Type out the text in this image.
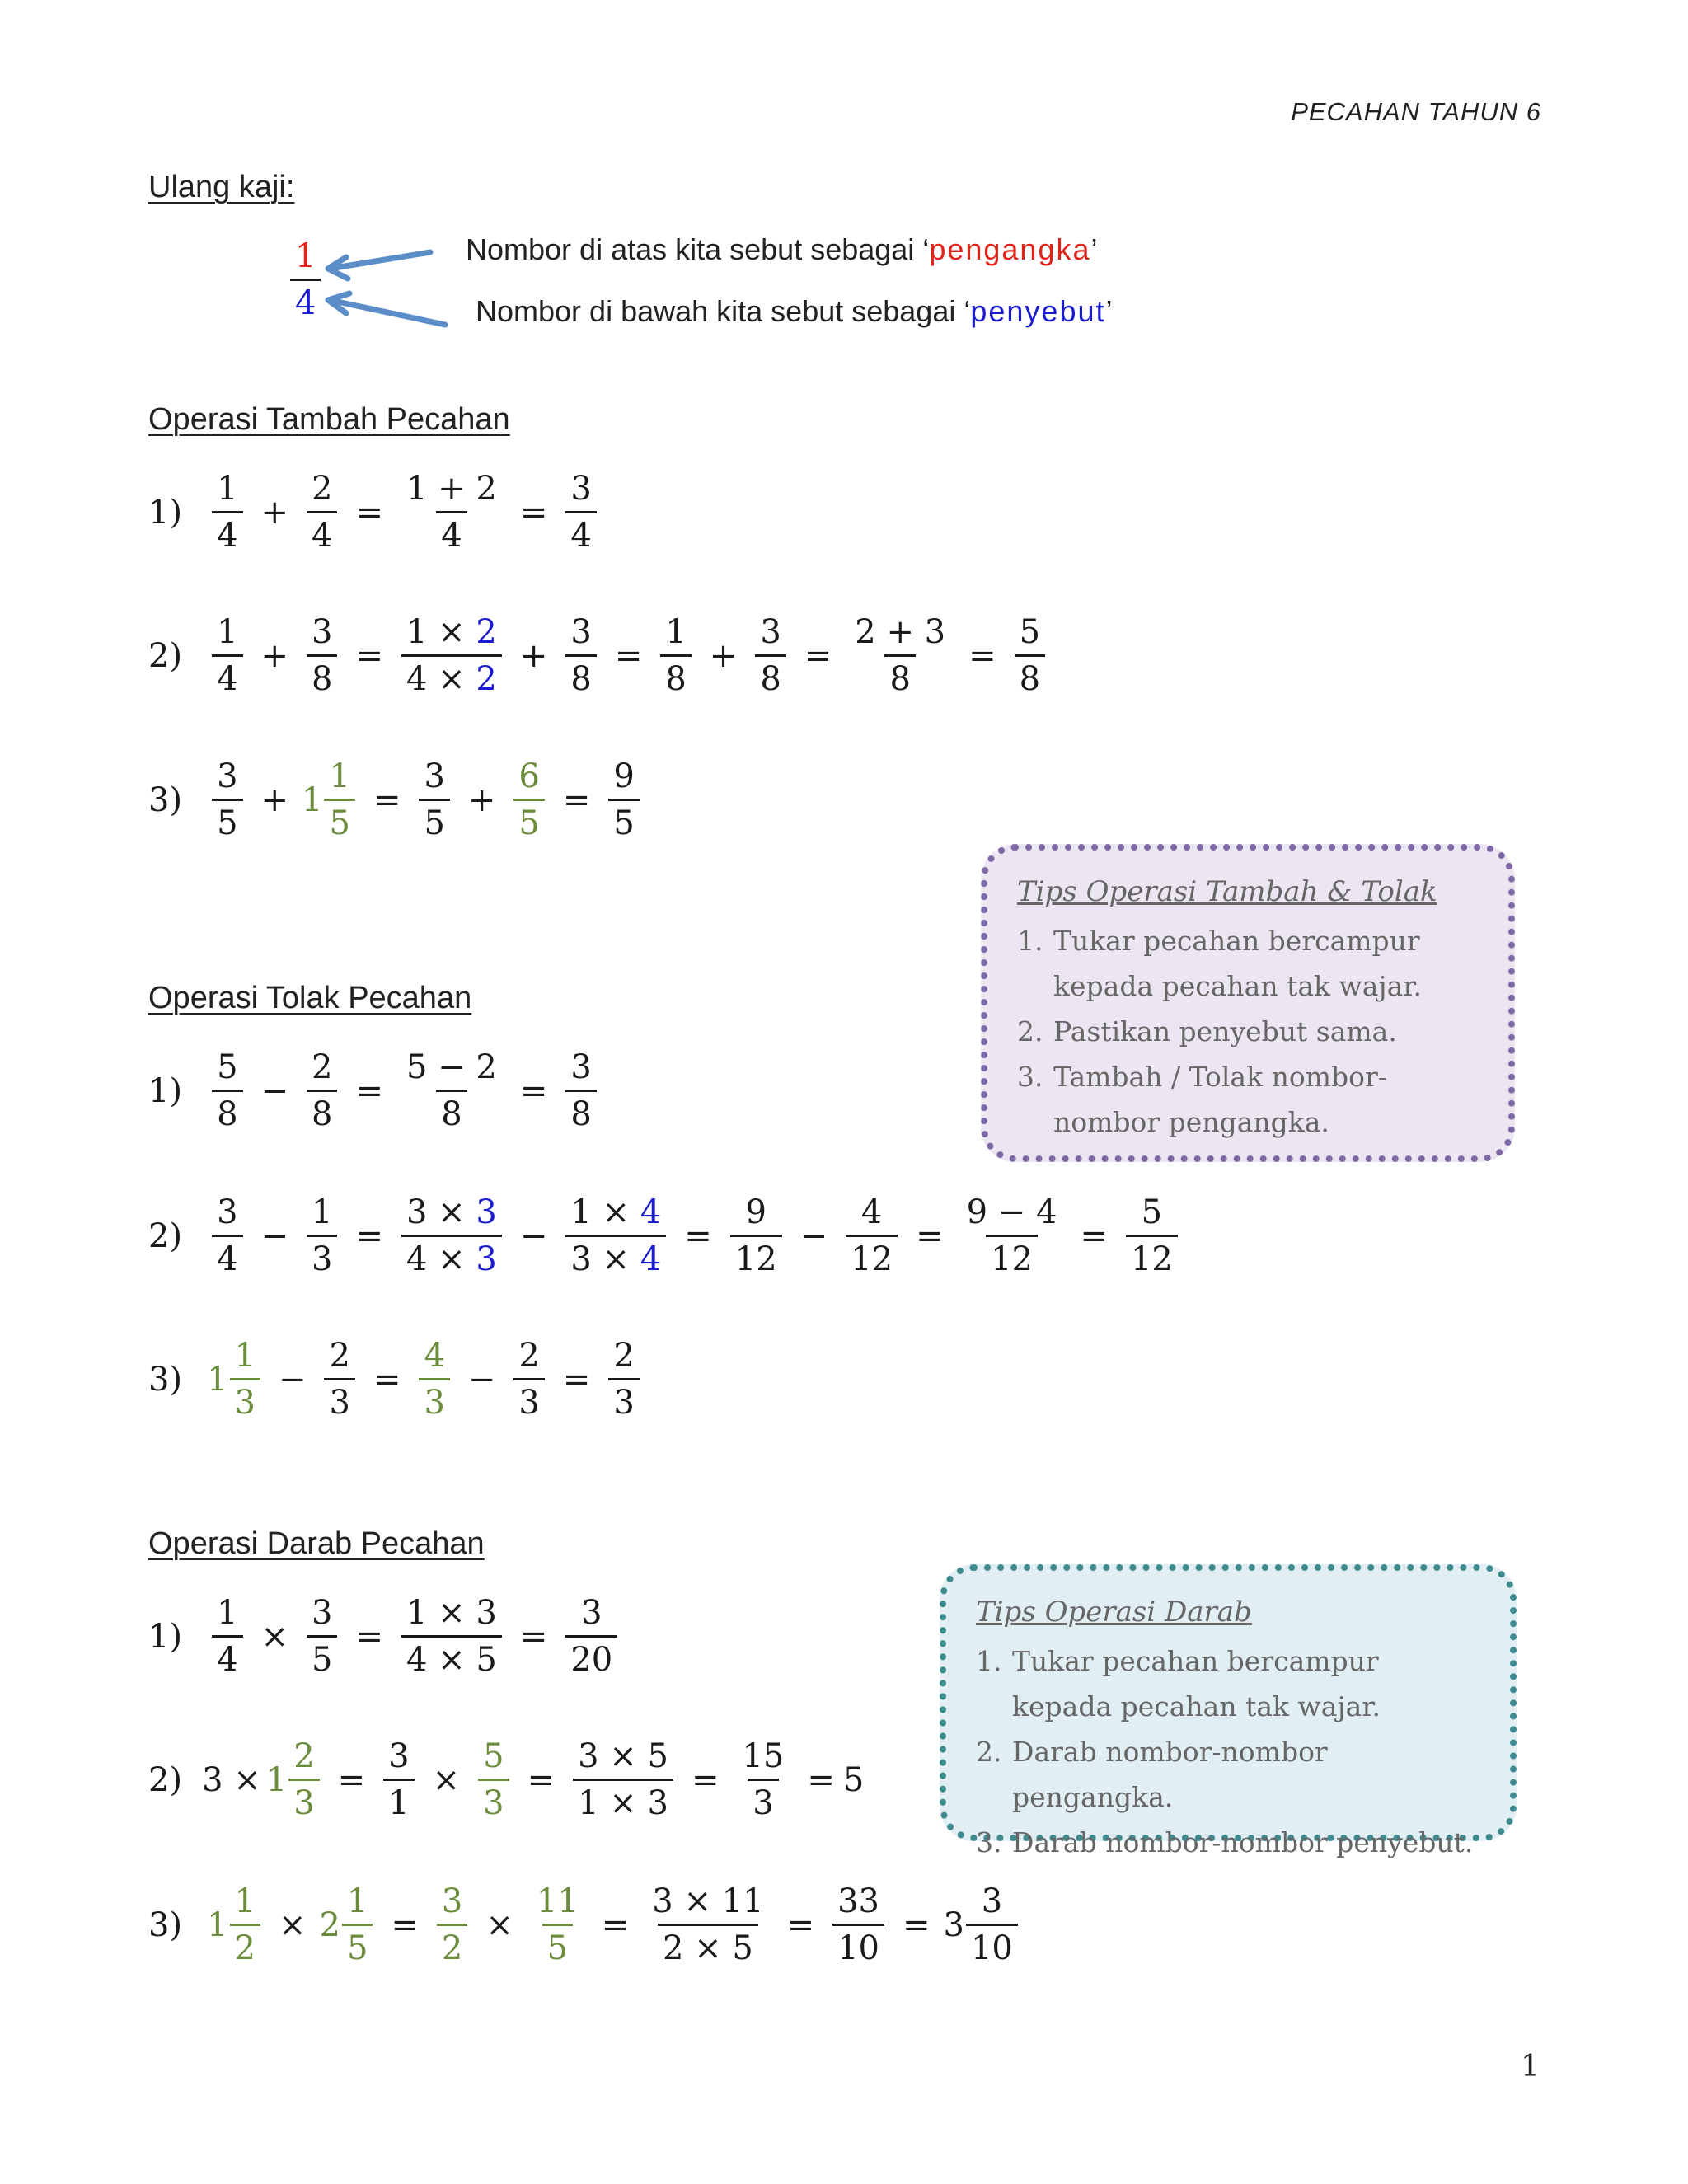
PECAHAN TAHUN 6
Ulang kaji:
$\frac{1}{4}$	Nombor di atas kita sebut sebagai ‘pengangka’
Nombor di bawah kita sebut sebagai ‘penyebut’
Operasi Tambah Pecahan
$1) \frac{1}{4} + \frac{2}{4} = \frac{1 + 2}{4} = \frac{3}{4}$
$2) \frac{1}{4} + \frac{3}{8} = \frac{1 \times 2}{4 \times 2} + \frac{3}{8} = \frac{1}{8} + \frac{3}{8} = \frac{2 + 3}{8} = \frac{5}{8}$
$3) \frac{3}{5} + 1 \frac{1}{5} = \frac{3}{5} + \frac{6}{5} = \frac{9}{5}$
Tips Operasi Tambah & Tolak
1. Tukar pecahan bercampur kepada pecahan tak wajar.
2. Pastikan penyebut sama.
3. Tambah / Tolak nombor-nombor pengangka.
Operasi Tolak Pecahan
$1) \frac{5}{8} - \frac{2}{8} = \frac{5 - 2}{8} = \frac{3}{8}$
$2) \frac{3}{4} - \frac{1}{3} = \frac{3 \times 3}{4 \times 3} - \frac{1 \times 4}{3 \times 4} = \frac{9}{12} - \frac{4}{12} = \frac{9 - 4}{12} = \frac{5}{12}$
3) $1 \frac{1}{3} - \frac{2}{3} = \frac{4}{3} - \frac{2}{3} = \frac{2}{3}$
Operasi Darab Pecahan
$1) \frac{1}{4} \times \frac{3}{5} = \frac{1 \times 3}{4 \times 5} = \frac{3}{20}$
2) $3 \times 1 \frac{2}{3} = \frac{3}{1} \times \frac{5}{3} = \frac{3 \times 5}{1 \times 3} = \frac{15}{3} = 5$
3) $1 \frac{1}{2} \times 2 \frac{1}{5} = \frac{3}{2} \times \frac{11}{5} = \frac{3 \times 11}{2 \times 5} = \frac{33}{10} = 3 \frac{3}{10}$
Tips Operasi Darab
1. Tukar pecahan bercampur kepada pecahan tak wajar.
2. Darab nombor-nombor pengangka.
3. Darab nombor-nombor penyebut.
1
